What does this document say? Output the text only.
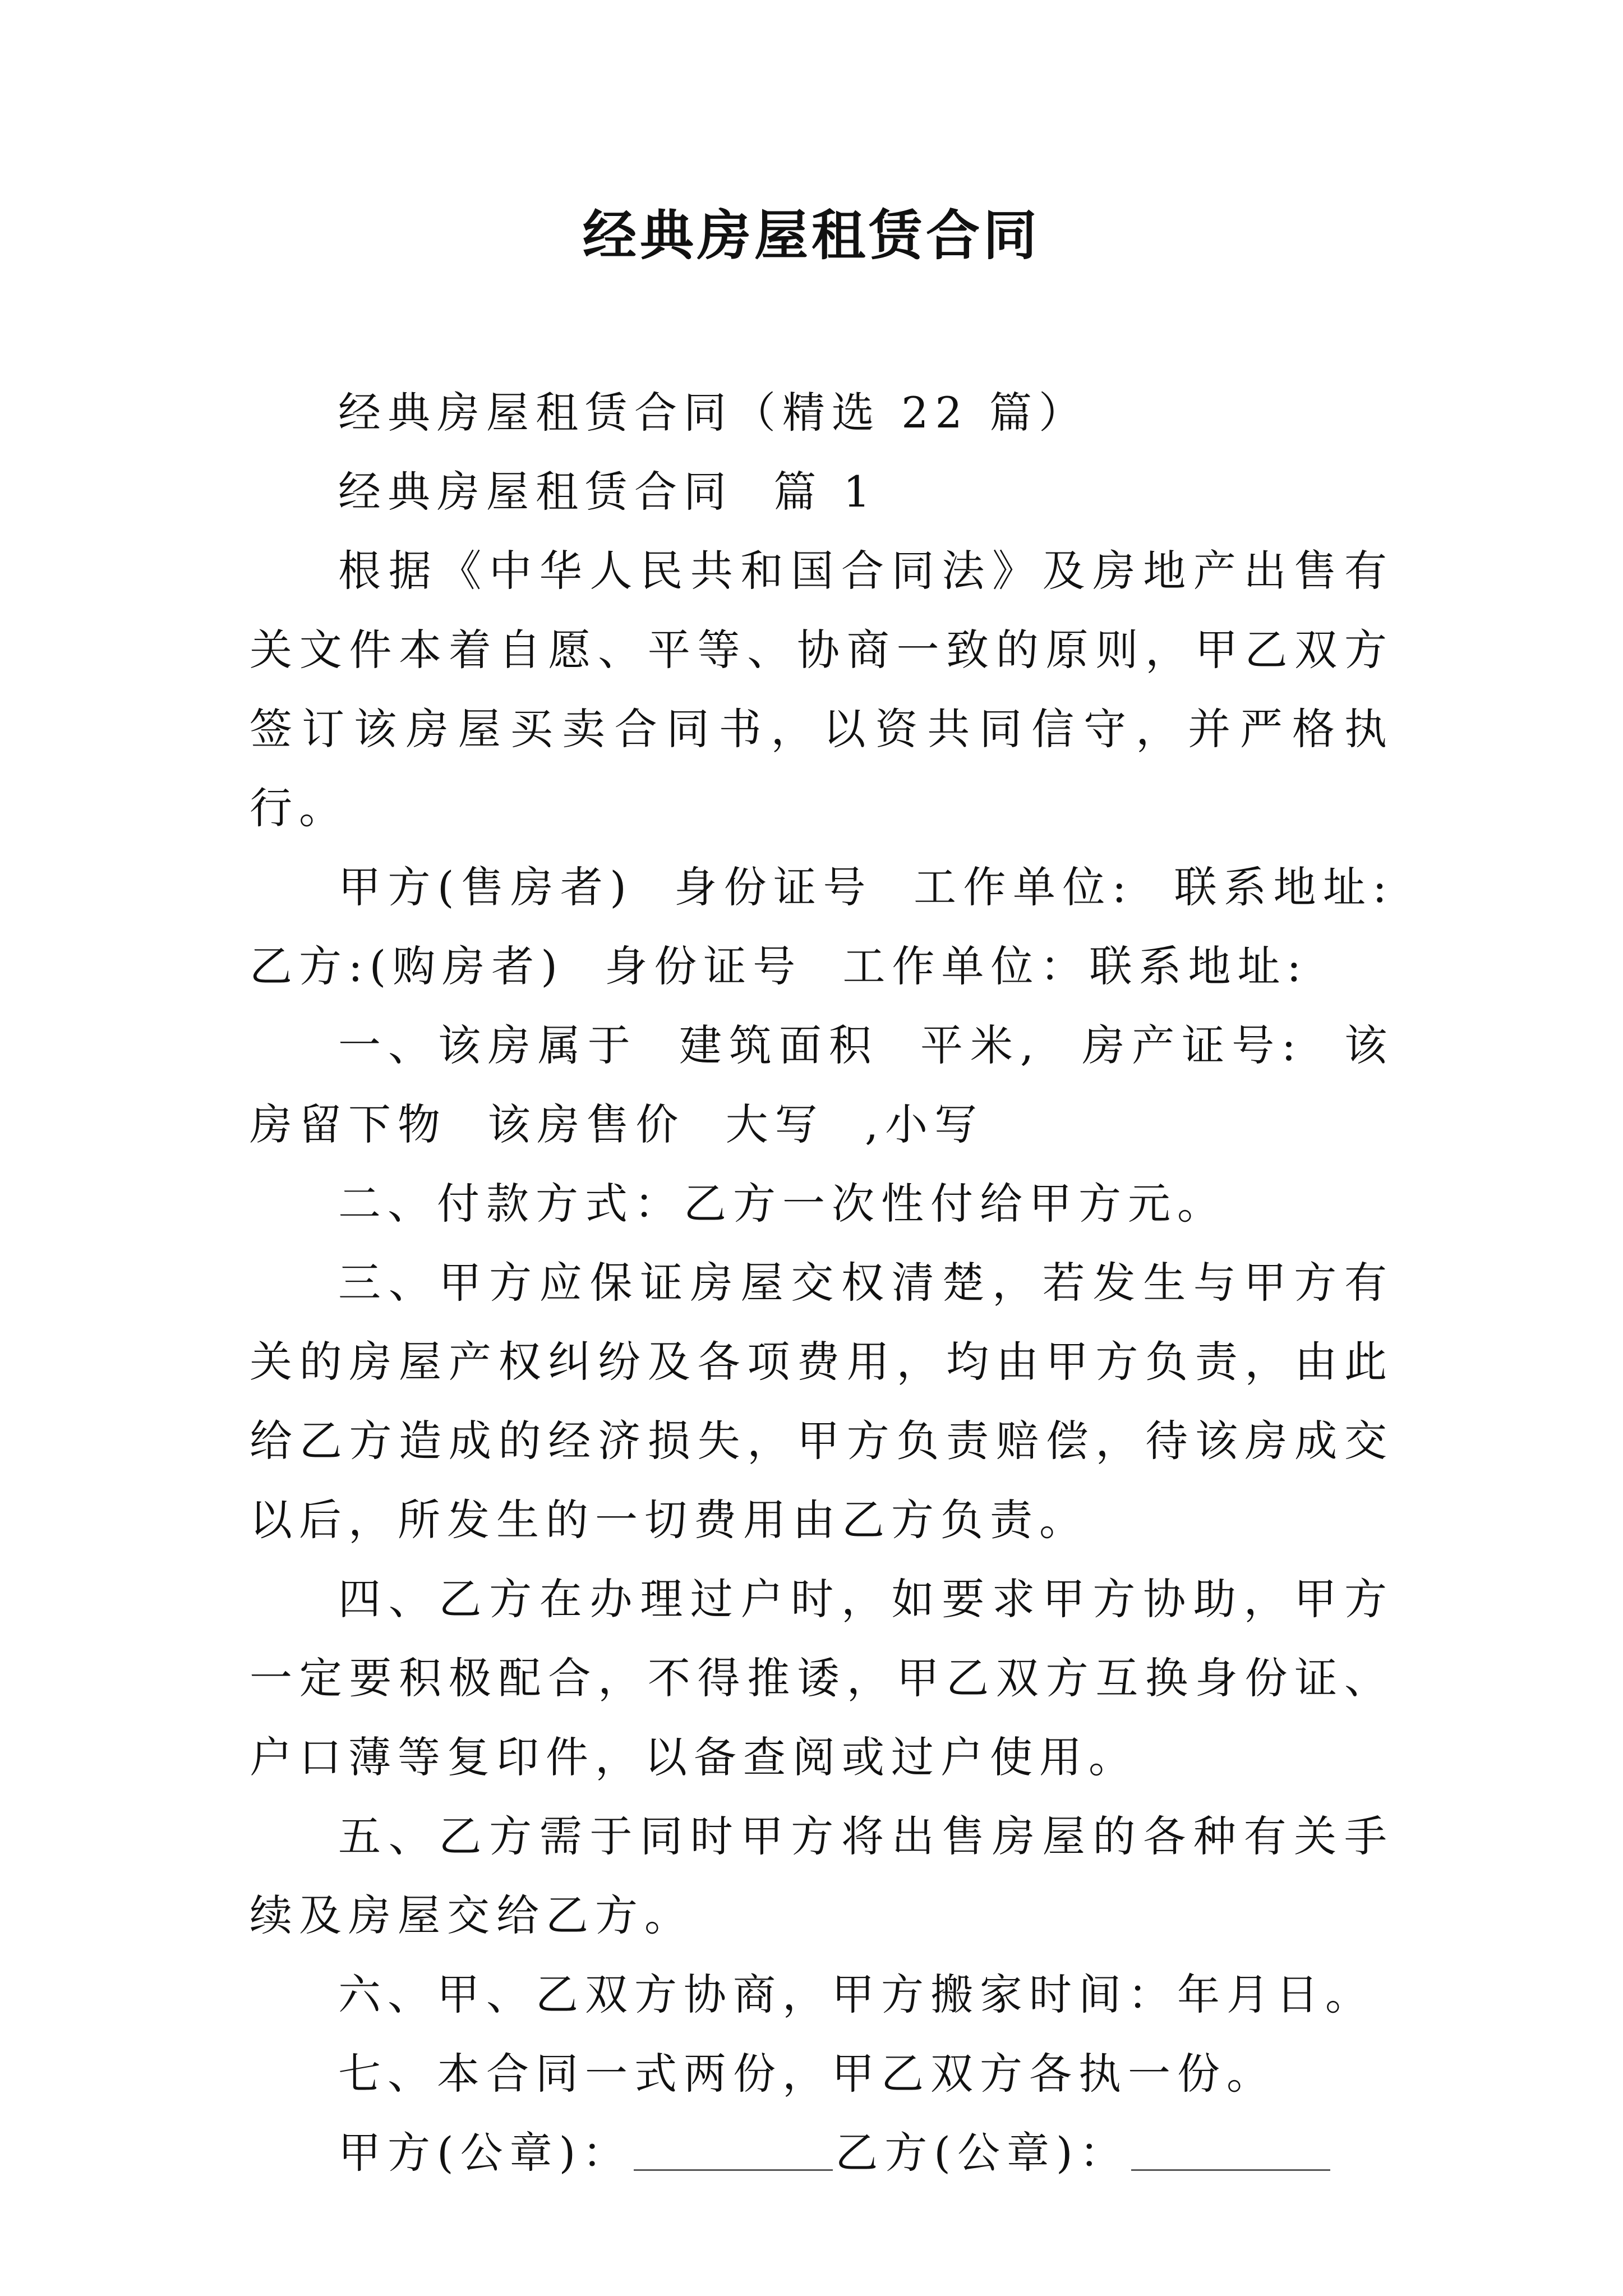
经典房屋租赁合同

经典房屋租赁合同（精选 22 篇）

经典房屋租赁合同  篇 1

根据《中华人民共和国合同法》及房地产出售有关文件本着自愿、平等、协商一致的原则，甲乙双方签订该房屋买卖合同书，以资共同信守，并严格执行。

甲方(售房者)  身份证号  工作单位:  联系地址:  乙方:(购房者)  身份证号  工作单位：联系地址:

一、该房属于  建筑面积  平米,  房产证号:  该房留下物  该房售价  大写  ,小写

二、付款方式：乙方一次性付给甲方元。

三、甲方应保证房屋交权清楚，若发生与甲方有关的房屋产权纠纷及各项费用，均由甲方负责，由此给乙方造成的经济损失，甲方负责赔偿，待该房成交以后，所发生的一切费用由乙方负责。

四、乙方在办理过户时，如要求甲方协助，甲方一定要积极配合，不得推诿，甲乙双方互换身份证、户口薄等复印件，以备查阅或过户使用。

五、乙方需于同时甲方将出售房屋的各种有关手续及房屋交给乙方。

六、甲、乙双方协商，甲方搬家时间：年月日。

七、本合同一式两份，甲乙双方各执一份。

甲方(公章)：	乙方(公章)：
